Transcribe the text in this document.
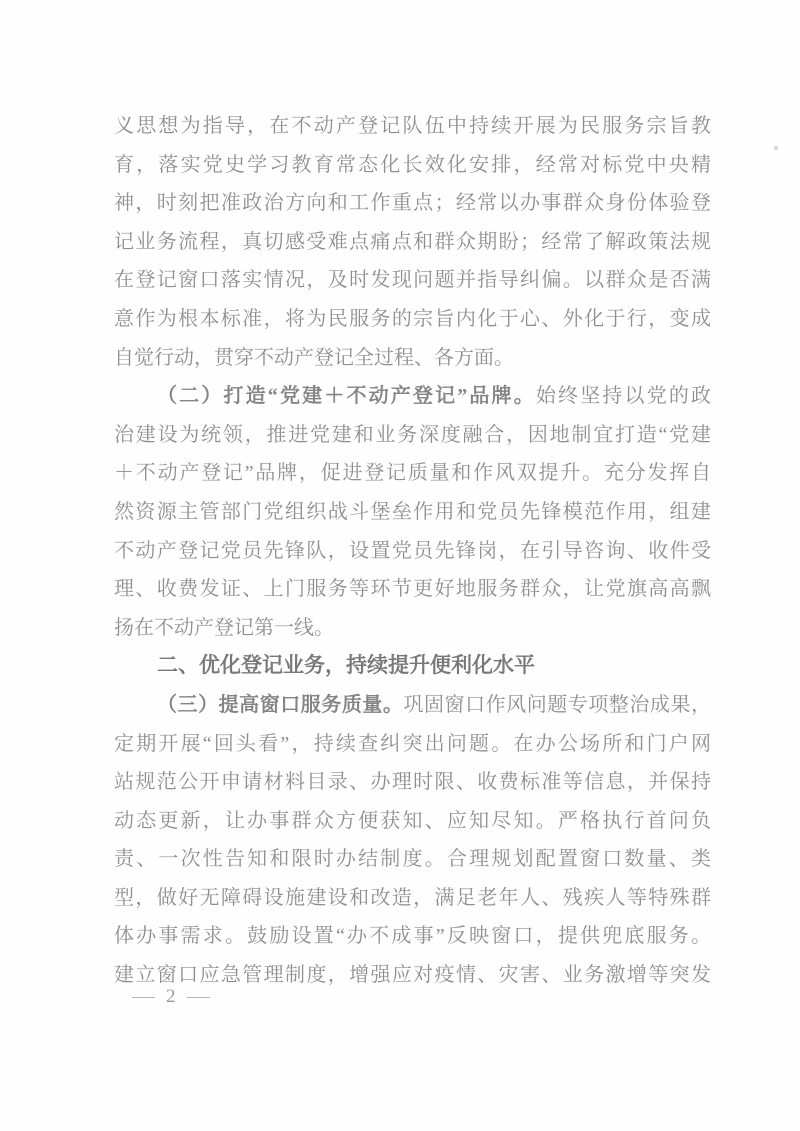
义思想为指导，在不动产登记队伍中持续开展为民服务宗旨教
育，落实党史学习教育常态化长效化安排，经常对标党中央精
神，时刻把准政治方向和工作重点；经常以办事群众身份体验登
记业务流程，真切感受难点痛点和群众期盼；经常了解政策法规
在登记窗口落实情况，及时发现问题并指导纠偏。以群众是否满
意作为根本标准，将为民服务的宗旨内化于心、外化于行，变成
自觉行动，贯穿不动产登记全过程、各方面。
（二）打造“党建＋不动产登记”品牌。始终坚持以党的政
治建设为统领，推进党建和业务深度融合，因地制宜打造“党建
＋不动产登记”品牌，促进登记质量和作风双提升。充分发挥自
然资源主管部门党组织战斗堡垒作用和党员先锋模范作用，组建
不动产登记党员先锋队，设置党员先锋岗，在引导咨询、收件受
理、收费发证、上门服务等环节更好地服务群众，让党旗高高飘
扬在不动产登记第一线。
二、优化登记业务，持续提升便利化水平
（三）提高窗口服务质量。巩固窗口作风问题专项整治成果，
定期开展“回头看”，持续查纠突出问题。在办公场所和门户网
站规范公开申请材料目录、办理时限、收费标准等信息，并保持
动态更新，让办事群众方便获知、应知尽知。严格执行首问负
责、一次性告知和限时办结制度。合理规划配置窗口数量、类
型，做好无障碍设施建设和改造，满足老年人、残疾人等特殊群
体办事需求。鼓励设置“办不成事”反映窗口，提供兜底服务。
建立窗口应急管理制度，增强应对疫情、灾害、业务激增等突发
— 2 —
